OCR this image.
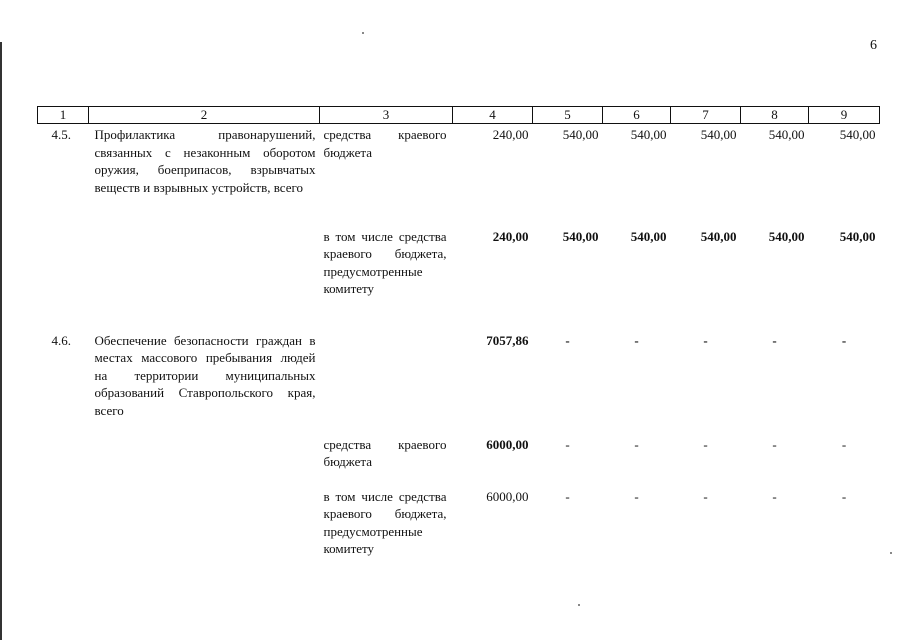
6
1	2	3	4	5	6	7	8	9
4.5.	Профилактика правонарушений, связанных с незаконным оборотом оружия, боеприпасов, взрывчатых веществ и взрывных устройств, всего	средства краевого бюджета	240,00	540,00	540,00	540,00	540,00	540,00
		в том числе средства краевого бюджета, предусмотренные комитету	240,00	540,00	540,00	540,00	540,00	540,00
4.6.	Обеспечение безопасности граждан в местах массового пребывания людей на территории муниципальных образований Ставропольского края, всего		7057,86	-	-	-	-	-
		средства краевого бюджета	6000,00	-	-	-	-	-
		в том числе средства краевого бюджета, предусмотренные комитету	6000,00	-	-	-	-	-
